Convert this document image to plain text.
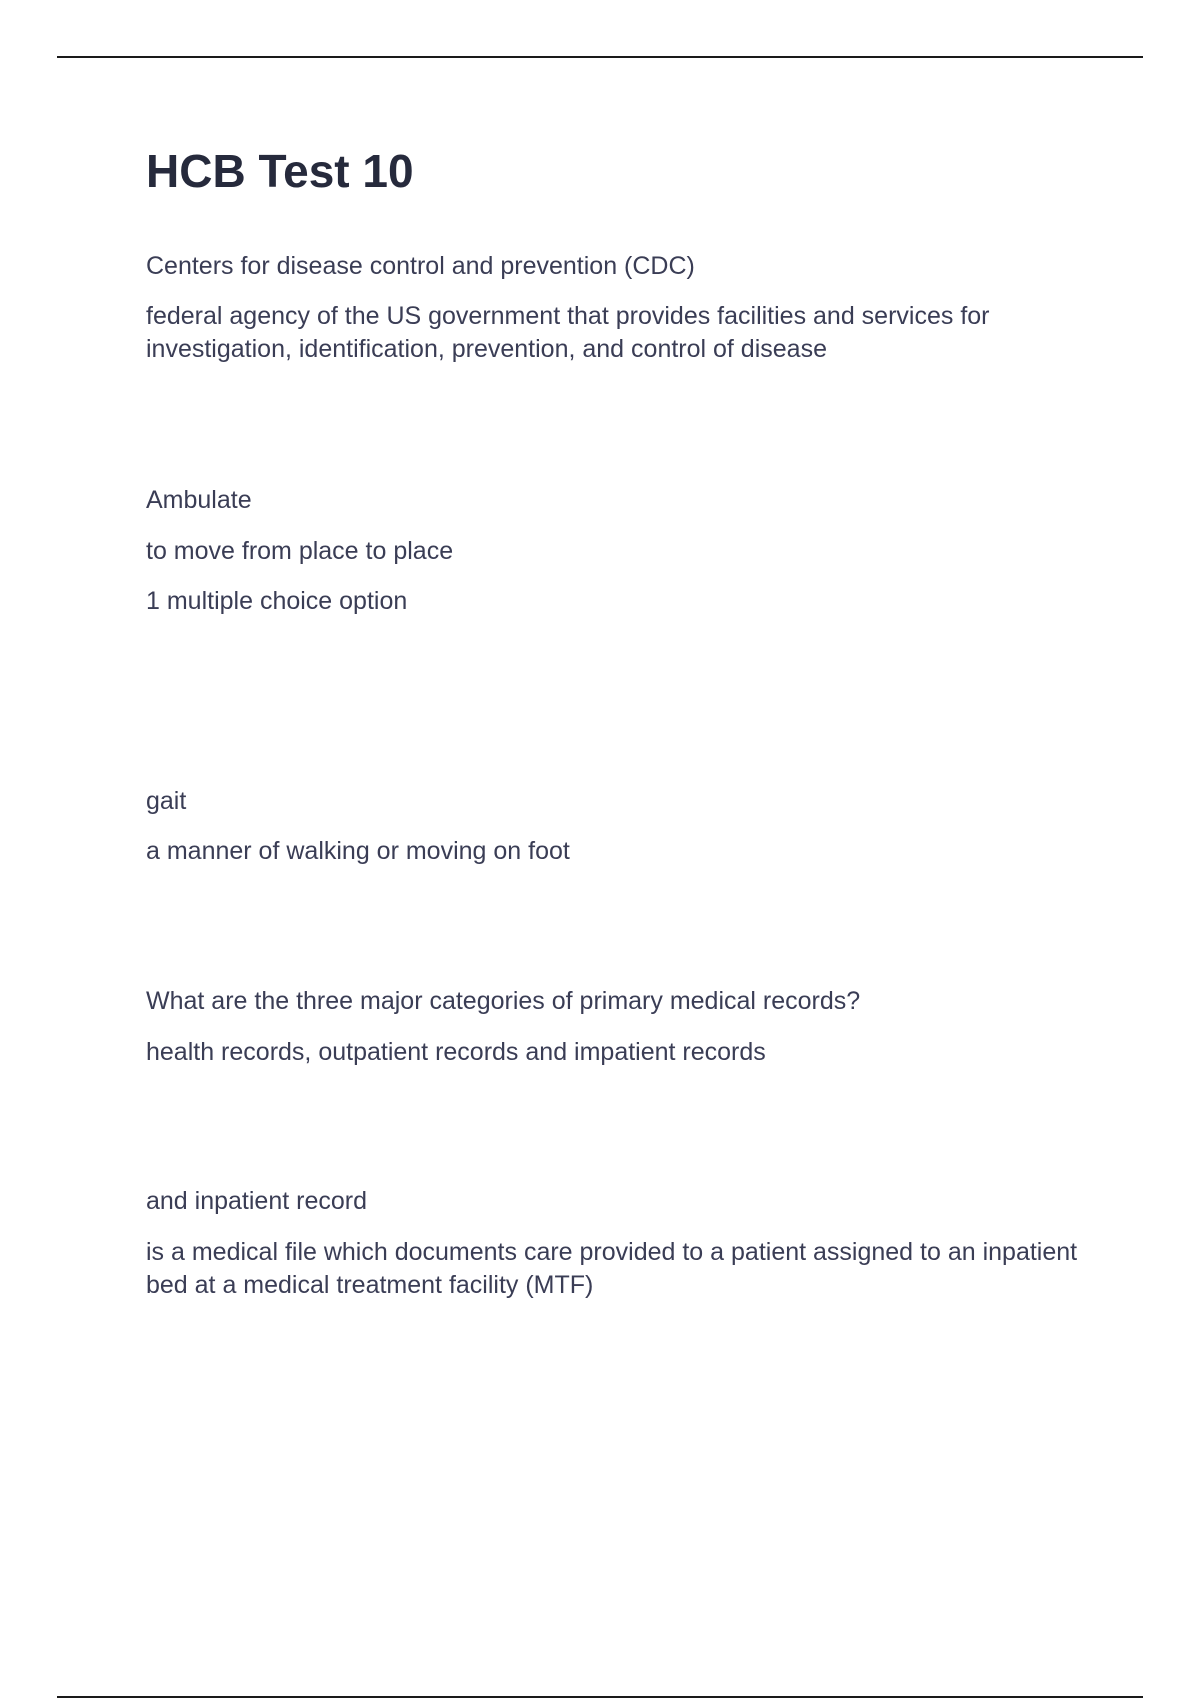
HCB Test 10

Centers for disease control and prevention (CDC)

federal agency of the US government that provides facilities and services for investigation, identification, prevention, and control of disease

Ambulate

to move from place to place

1 multiple choice option

gait

a manner of walking or moving on foot

What are the three major categories of primary medical records?

health records, outpatient records and impatient records

and inpatient record

is a medical file which documents care provided to a patient assigned to an inpatient bed at a medical treatment facility (MTF)
